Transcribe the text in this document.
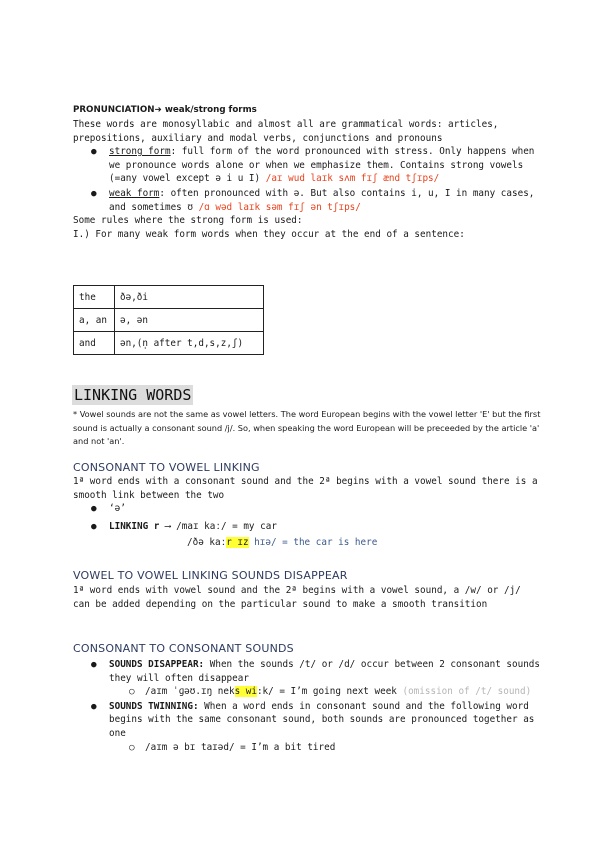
PRONUNCIATION➜ weak/strong forms

These words are monosyllabic and almost all are grammatical words: articles, prepositions, auxiliary and modal verbs, conjunctions and pronouns

● strong form: full form of the word pronounced with stress. Only happens when we pronounce words alone or when we emphasize them. Contains strong vowels (=any vowel except ə i u I) /aɪ wud laɪk sʌm fɪʃ ænd tʃɪps/
● weak form: often pronounced with ə. But also contains i, u, I in many cases, and sometimes ʊ /ɑ wəd laɪk səm fɪʃ ən tʃɪps/

Some rules where the strong form is used:

I.) For many weak form words when they occur at the end of a sentence:

the	ðə,ði
a, an	ə, ən
and	ən,(n̩ after t,d,s,z,ʃ)
LINKING WORDS
* Vowel sounds are not the same as vowel letters. The word European begins with the vowel letter 'E' but the first sound is actually a consonant sound /j/. So, when speaking the word European will be preceeded by the article 'a' and not 'an'.
CONSONANT TO VOWEL LINKING

1ª word ends with a consonant sound and the 2ª begins with a vowel sound there is a smooth link between the two

● ‘ə’
● LINKING r ⟶ /maɪ kaː/ = my car

/ðə kaːr ɪz hɪə/ = the car is here

VOWEL TO VOWEL LINKING SOUNDS DISAPPEAR

1ª word ends with vowel sound and the 2ª begins with a vowel sound, a /w/ or /j/ can be added depending on the particular sound to make a smooth transition

CONSONANT TO CONSONANT SOUNDS
● SOUNDS DISAPPEAR: When the sounds /t/ or /d/ occur between 2 consonant sounds they will often disappear
○ /aɪm ˈɡəʊ.ɪŋ neks wi:k/ = I’m going next week (omission of /t/ sound)
● SOUNDS TWINNING: When a word ends in consonant sound and the following word begins with the same consonant sound, both sounds are pronounced together as one
○ /aɪm ə bɪ taɪəd/ = I’m a bit tired
